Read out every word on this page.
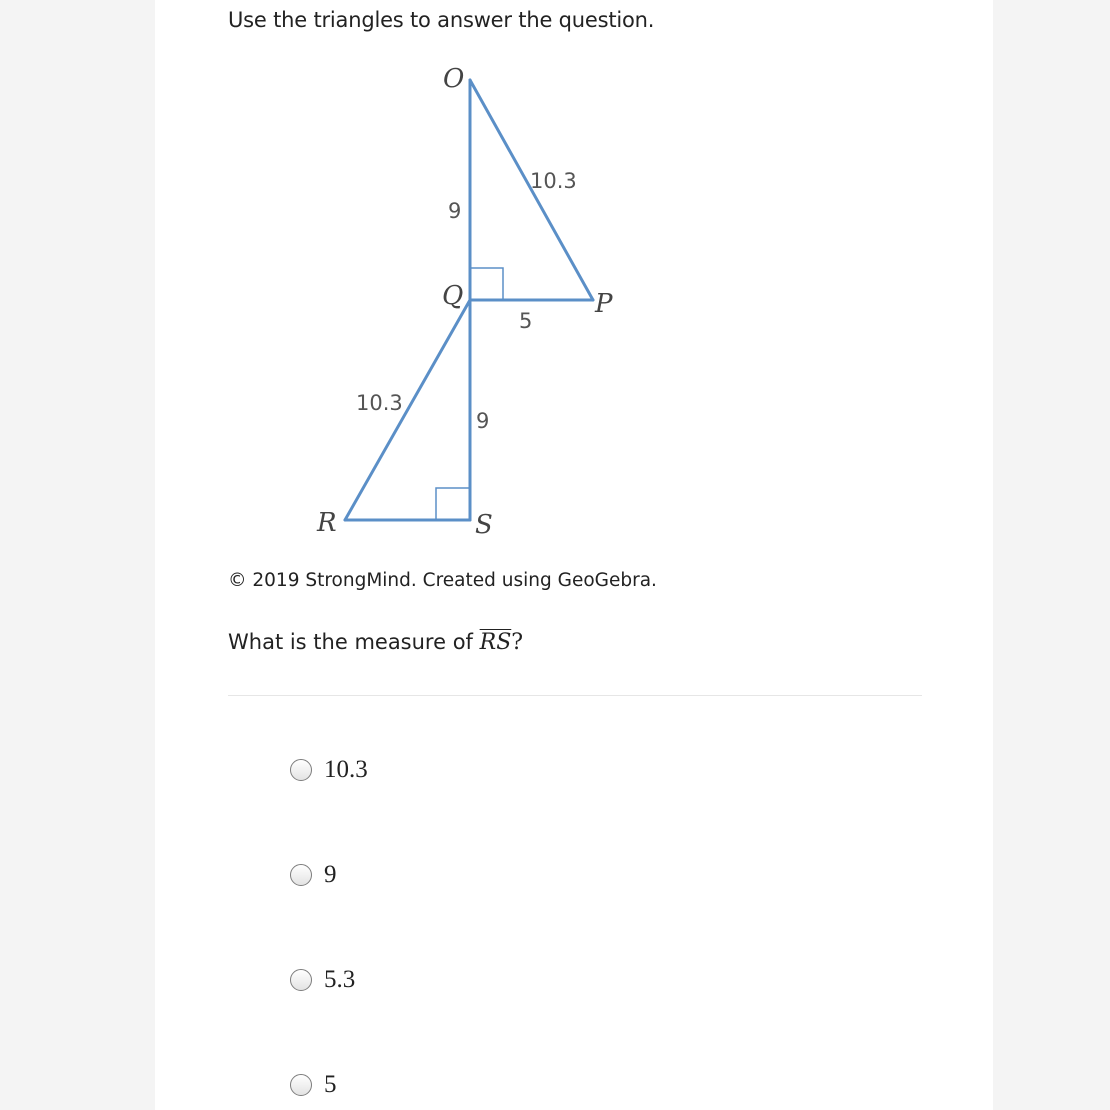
Use the triangles to answer the question.
O
P
Q
R	S
10.3
9
5
10.3
9
© 2019 StrongMind. Created using GeoGebra.
What is the measure of $\overline{RS}$?
10.3
9
5.3
5
